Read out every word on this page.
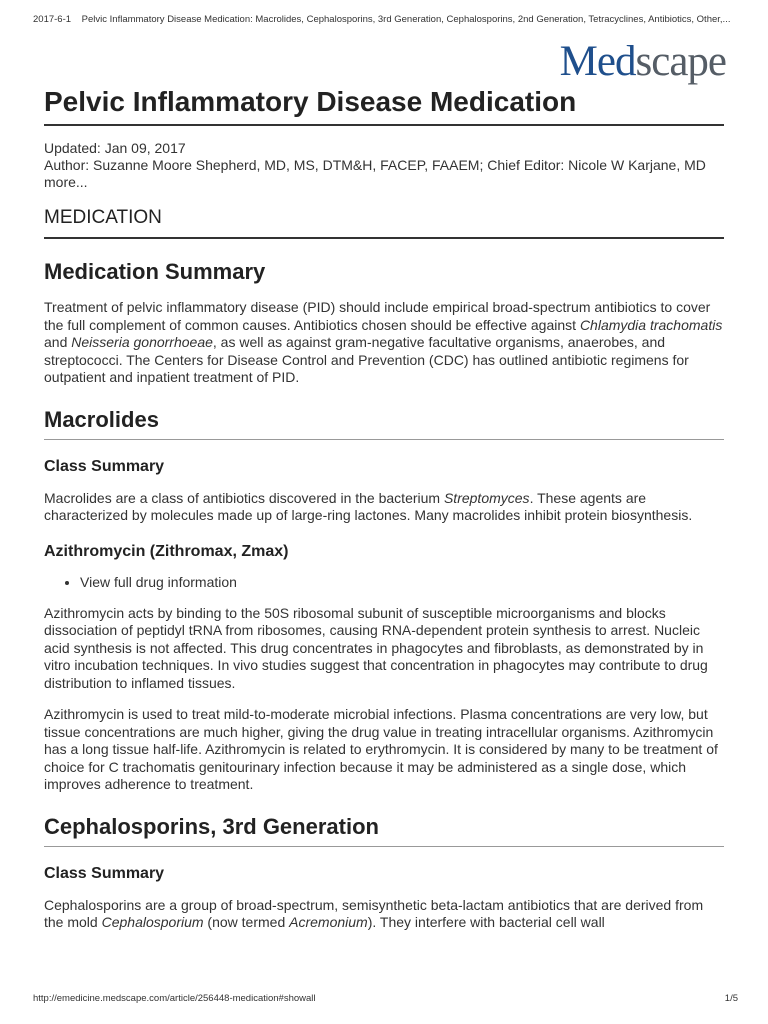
2017-6-1 Pelvic Inflammatory Disease Medication: Macrolides, Cephalosporins, 3rd Generation, Cephalosporins, 2nd Generation, Tetracyclines, Antibiotics, Other,...
Medscape
Pelvic Inflammatory Disease Medication
Updated: Jan 09, 2017
Author: Suzanne Moore Shepherd, MD, MS, DTM&H, FACEP, FAAEM; Chief Editor: Nicole W Karjane, MD  more...
MEDICATION
Medication Summary

Treatment of pelvic inflammatory disease (PID) should include empirical broad-spectrum antibiotics to cover the full complement of common causes. Antibiotics chosen should be effective against Chlamydia trachomatis and Neisseria gonorrhoeae, as well as against gram-negative facultative organisms, anaerobes, and streptococci. The Centers for Disease Control and Prevention (CDC) has outlined antibiotic regimens for outpatient and inpatient treatment of PID.

Macrolides
Class Summary

Macrolides are a class of antibiotics discovered in the bacterium Streptomyces. These agents are characterized by molecules made up of large-ring lactones. Many macrolides inhibit protein biosynthesis.

Azithromycin (Zithromax, Zmax)
• View full drug information

Azithromycin acts by binding to the 50S ribosomal subunit of susceptible microorganisms and blocks dissociation of peptidyl tRNA from ribosomes, causing RNA-dependent protein synthesis to arrest. Nucleic acid synthesis is not affected. This drug concentrates in phagocytes and fibroblasts, as demonstrated by in vitro incubation techniques. In vivo studies suggest that concentration in phagocytes may contribute to drug distribution to inflamed tissues.

Azithromycin is used to treat mild-to-moderate microbial infections. Plasma concentrations are very low, but tissue concentrations are much higher, giving the drug value in treating intracellular organisms. Azithromycin has a long tissue half-life. Azithromycin is related to erythromycin. It is considered by many to be treatment of choice for C trachomatis genitourinary infection because it may be administered as a single dose, which improves adherence to treatment.

Cephalosporins, 3rd Generation
Class Summary

Cephalosporins are a group of broad-spectrum, semisynthetic beta-lactam antibiotics that are derived from the mold Cephalosporium (now termed Acremonium). They interfere with bacterial cell wall

http://emedicine.medscape.com/article/256448-medication#showall	1/5
